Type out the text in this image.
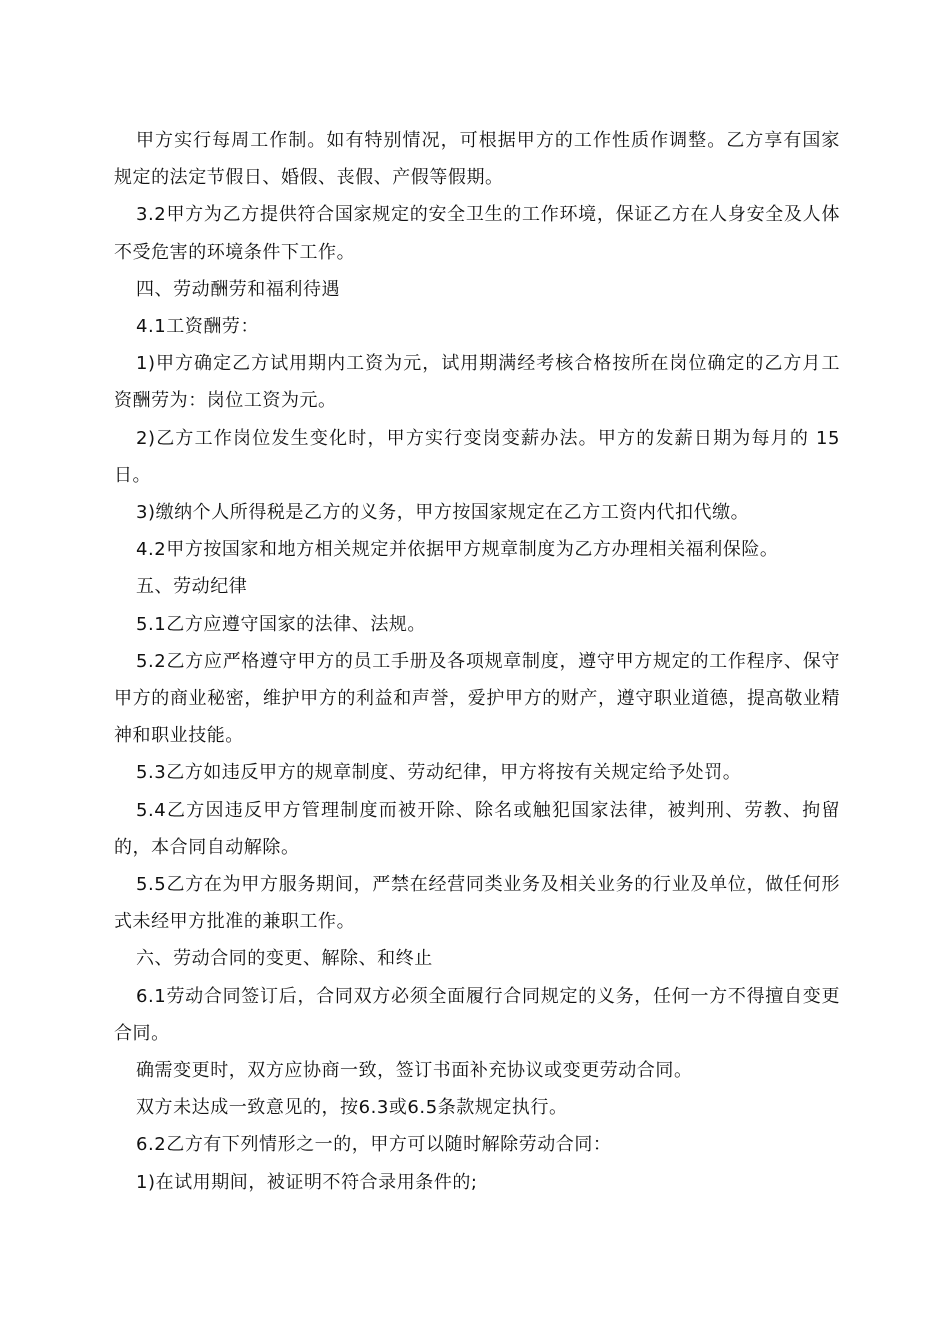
甲方实行每周工作制。如有特别情况，可根据甲方的工作性质作调整。乙方享有国家规定的法定节假日、婚假、丧假、产假等假期。

3.2甲方为乙方提供符合国家规定的安全卫生的工作环境，保证乙方在人身安全及人体不受危害的环境条件下工作。

四、劳动酬劳和福利待遇

4.1工资酬劳：

1)甲方确定乙方试用期内工资为元，试用期满经考核合格按所在岗位确定的乙方月工资酬劳为：岗位工资为元。

2)乙方工作岗位发生变化时，甲方实行变岗变薪办法。甲方的发薪日期为每月的 15日。

3)缴纳个人所得税是乙方的义务，甲方按国家规定在乙方工资内代扣代缴。

4.2甲方按国家和地方相关规定并依据甲方规章制度为乙方办理相关福利保险。

五、劳动纪律

5.1乙方应遵守国家的法律、法规。

5.2乙方应严格遵守甲方的员工手册及各项规章制度，遵守甲方规定的工作程序、保守甲方的商业秘密，维护甲方的利益和声誉，爱护甲方的财产，遵守职业道德，提高敬业精神和职业技能。

5.3乙方如违反甲方的规章制度、劳动纪律，甲方将按有关规定给予处罚。

5.4乙方因违反甲方管理制度而被开除、除名或触犯国家法律，被判刑、劳教、拘留的，本合同自动解除。

5.5乙方在为甲方服务期间，严禁在经营同类业务及相关业务的行业及单位，做任何形式未经甲方批准的兼职工作。

六、劳动合同的变更、解除、和终止

6.1劳动合同签订后，合同双方必须全面履行合同规定的义务，任何一方不得擅自变更合同。

确需变更时，双方应协商一致，签订书面补充协议或变更劳动合同。

双方未达成一致意见的，按6.3或6.5条款规定执行。

6.2乙方有下列情形之一的，甲方可以随时解除劳动合同：

1)在试用期间，被证明不符合录用条件的;
